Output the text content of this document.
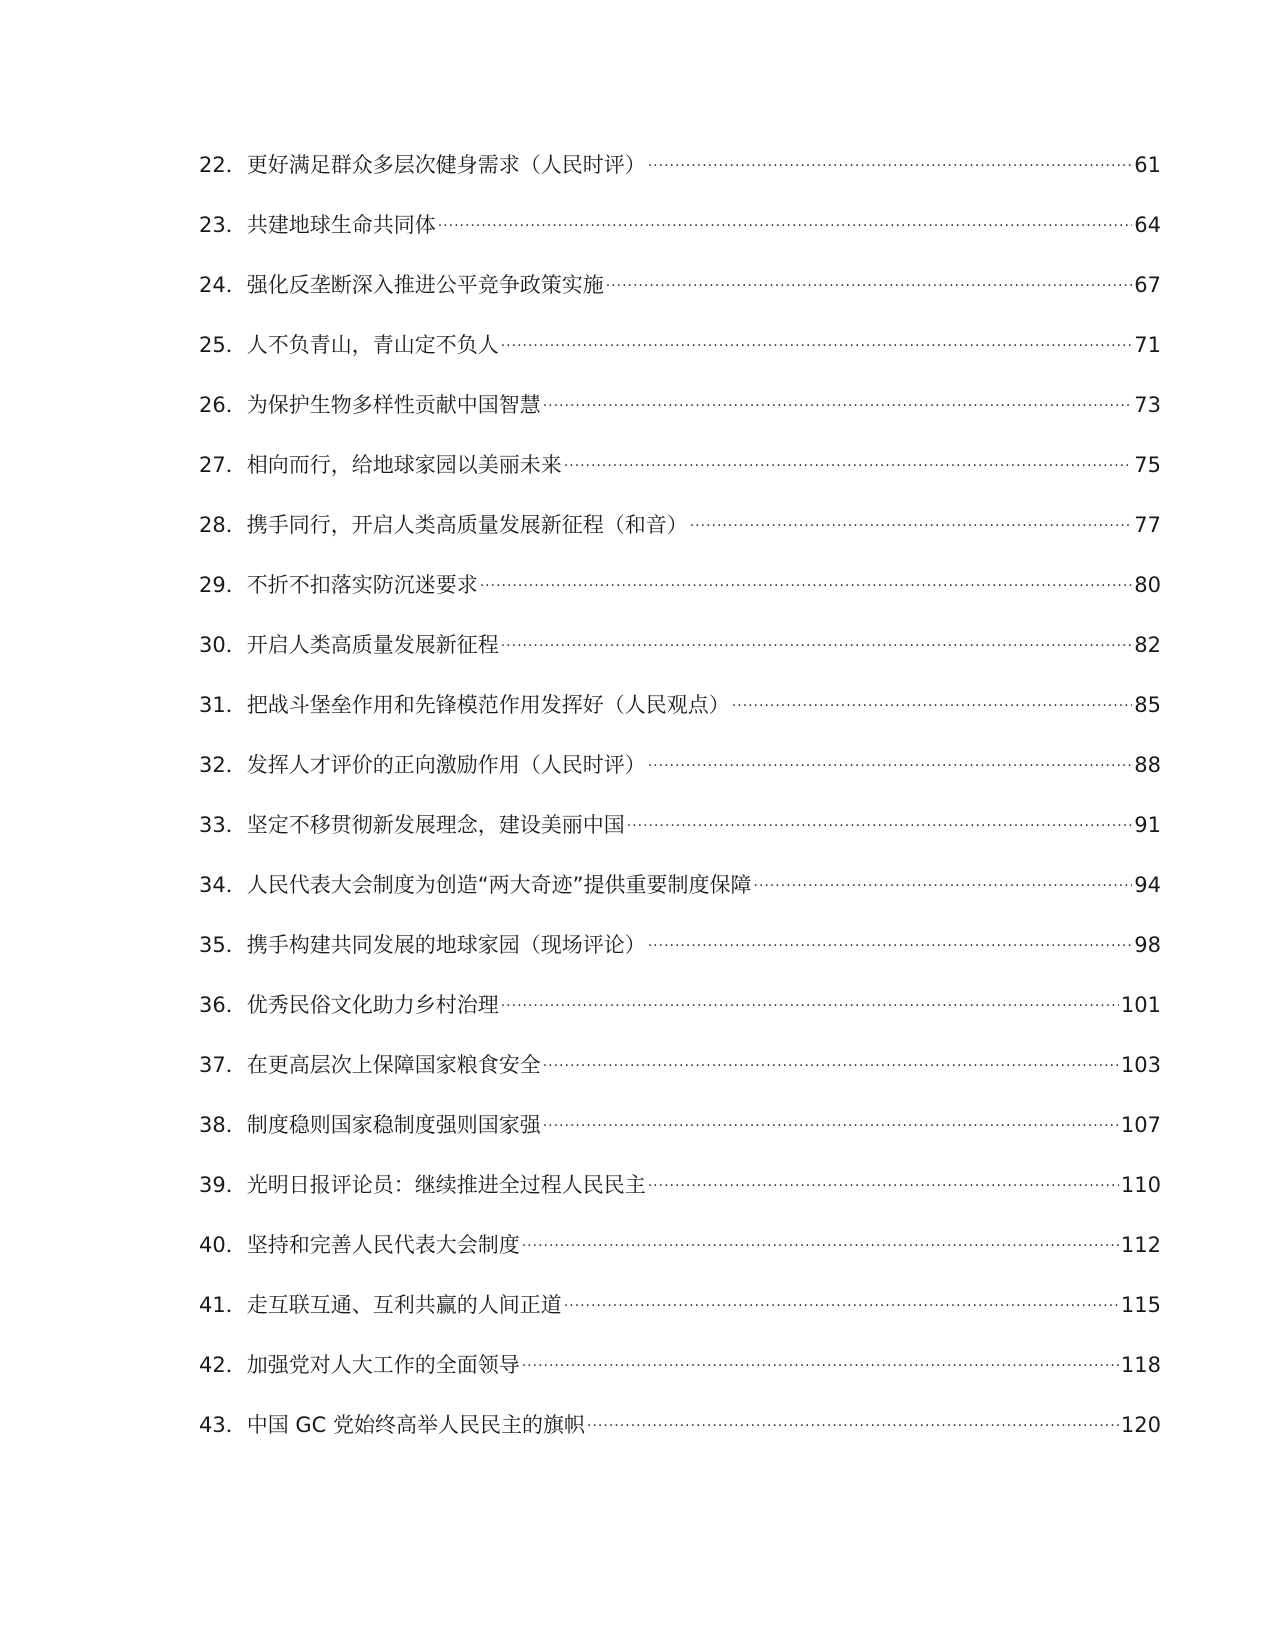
22． 更好满足群众多层次健身需求（人民时评） .....	61
23． 共建地球生命共同体 .....	64
24． 强化反垄断深入推进公平竞争政策实施 .....	67
25． 人不负青山，青山定不负人 .....	71
26． 为保护生物多样性贡献中国智慧 .....	73
27． 相向而行，给地球家园以美丽未来 .....	75
28． 携手同行，开启人类高质量发展新征程（和音） .....	77
29． 不折不扣落实防沉迷要求 .....	80
30． 开启人类高质量发展新征程 .....	82
31． 把战斗堡垒作用和先锋模范作用发挥好（人民观点） .....	85
32． 发挥人才评价的正向激励作用（人民时评） .....	88
33． 坚定不移贯彻新发展理念，建设美丽中国 .....	91
34． 人民代表大会制度为创造“两大奇迹”提供重要制度保障 .....	94
35． 携手构建共同发展的地球家园（现场评论） .....	98
36． 优秀民俗文化助力乡村治理 .....	101
37． 在更高层次上保障国家粮食安全 .....	103
38． 制度稳则国家稳制度强则国家强 .....	107
39． 光明日报评论员：继续推进全过程人民民主 .....	110
40． 坚持和完善人民代表大会制度 .....	112
41． 走互联互通、互利共赢的人间正道 .....	115
42． 加强党对人大工作的全面领导 .....	118
43． 中国 GC 党始终高举人民民主的旗帜 .....	120
